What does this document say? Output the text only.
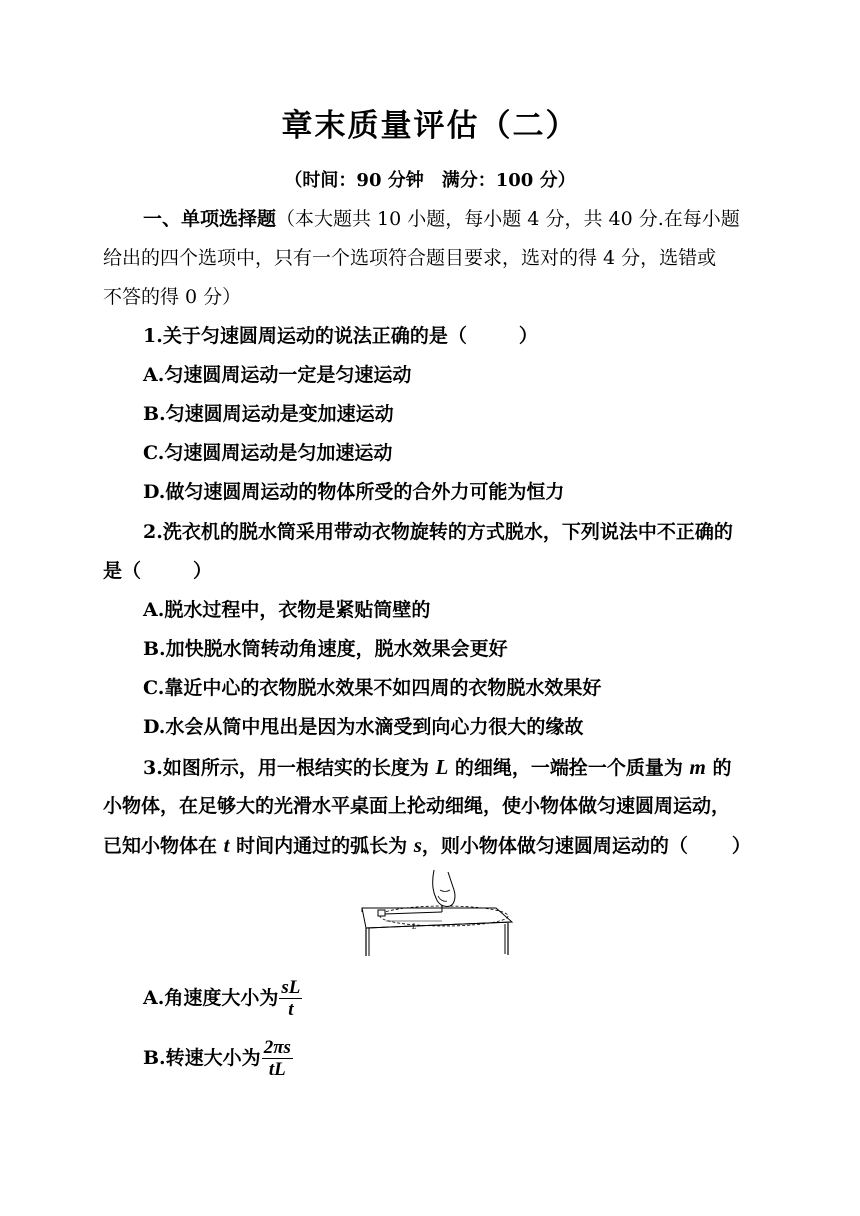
章末质量评估（二）
（时间：90 分钟　满分：100 分）
一、单项选择题（本大题共 10 小题，每小题 4 分，共 40 分.在每小题
给出的四个选项中，只有一个选项符合题目要求，选对的得 4 分，选错或
不答的得 0 分）
1.关于匀速圆周运动的说法正确的是（	）
A.匀速圆周运动一定是匀速运动
B.匀速圆周运动是变加速运动
C.匀速圆周运动是匀加速运动
D.做匀速圆周运动的物体所受的合外力可能为恒力
2.洗衣机的脱水筒采用带动衣物旋转的方式脱水，下列说法中不正确的
是（	）
A.脱水过程中，衣物是紧贴筒壁的
B.加快脱水筒转动角速度，脱水效果会更好
C.靠近中心的衣物脱水效果不如四周的衣物脱水效果好
D.水会从筒中甩出是因为水滴受到向心力很大的缘故
3.如图所示，用一根结实的长度为 L 的细绳，一端拴一个质量为 m 的
小物体，在足够大的光滑水平桌面上抡动细绳，使小物体做匀速圆周运动，
已知小物体在 t 时间内通过的弧长为 s，则小物体做匀速圆周运动的（ ）
L
A.角速度大小为 $\frac{sL}{t}$
B.转速大小为 $\frac{2\pi s}{tL}$
